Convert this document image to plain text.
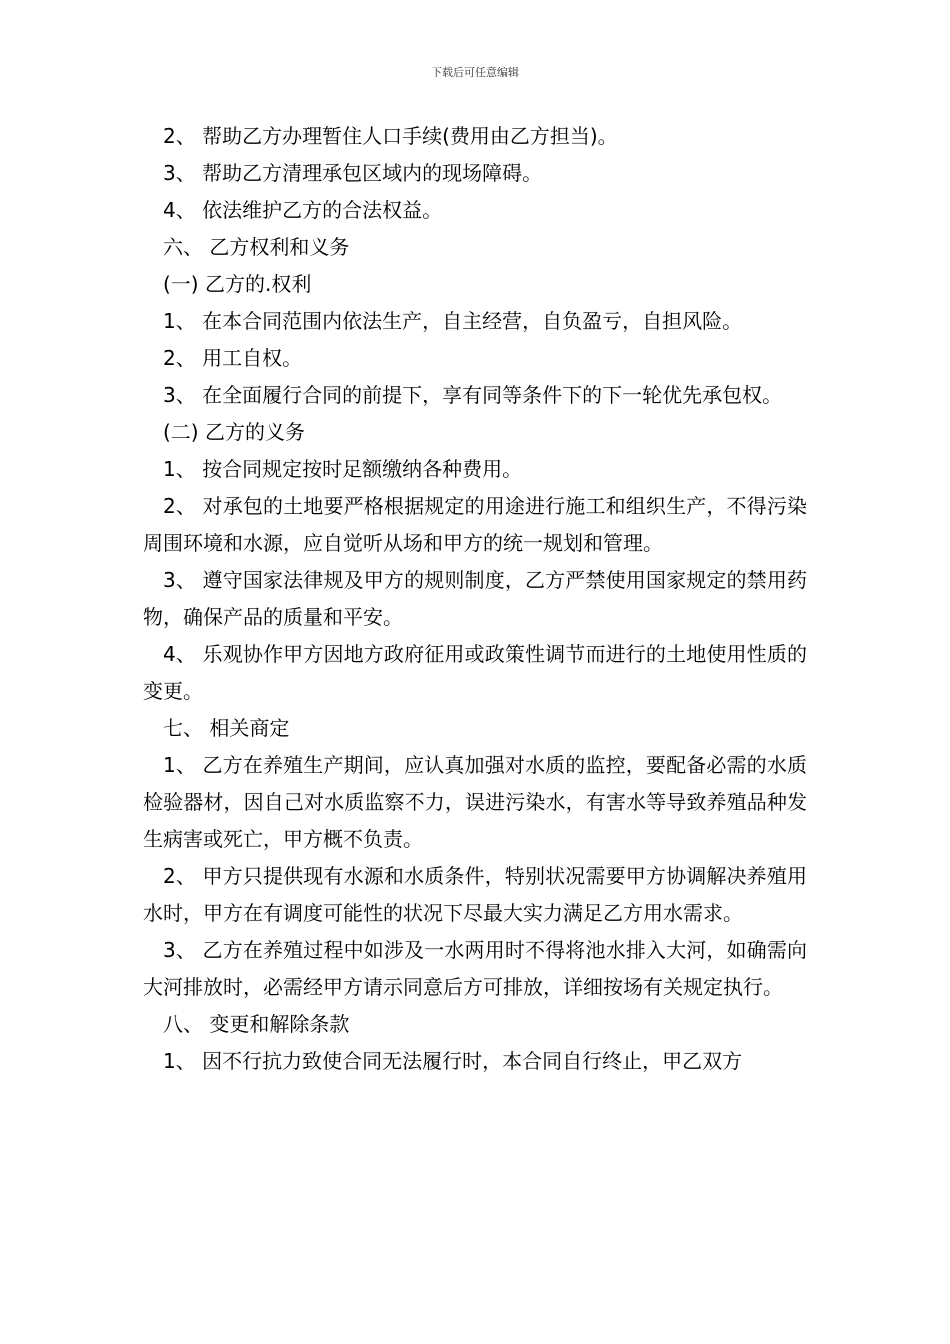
下载后可任意编辑

2、 帮助乙方办理暂住人口手续(费用由乙方担当)。

3、 帮助乙方清理承包区域内的现场障碍。

4、 依法维护乙方的合法权益。

六、 乙方权利和义务

(一) 乙方的.权利

1、 在本合同范围内依法生产，自主经营，自负盈亏，自担风险。

2、 用工自权。

3、 在全面履行合同的前提下，享有同等条件下的下一轮优先承包权。

(二) 乙方的义务

1、 按合同规定按时足额缴纳各种费用。

2、 对承包的土地要严格根据规定的用途进行施工和组织生产，不得污染周围环境和水源，应自觉听从场和甲方的统一规划和管理。

3、 遵守国家法律规及甲方的规则制度，乙方严禁使用国家规定的禁用药物，确保产品的质量和平安。

4、 乐观协作甲方因地方政府征用或政策性调节而进行的土地使用性质的变更。

七、 相关商定

1、 乙方在养殖生产期间，应认真加强对水质的监控，要配备必需的水质检验器材，因自己对水质监察不力，误进污染水，有害水等导致养殖品种发生病害或死亡，甲方概不负责。

2、 甲方只提供现有水源和水质条件，特别状况需要甲方协调解决养殖用水时，甲方在有调度可能性的状况下尽最大实力满足乙方用水需求。

3、 乙方在养殖过程中如涉及一水两用时不得将池水排入大河，如确需向大河排放时，必需经甲方请示同意后方可排放，详细按场有关规定执行。

八、 变更和解除条款

1、 因不行抗力致使合同无法履行时，本合同自行终止，甲乙双方
